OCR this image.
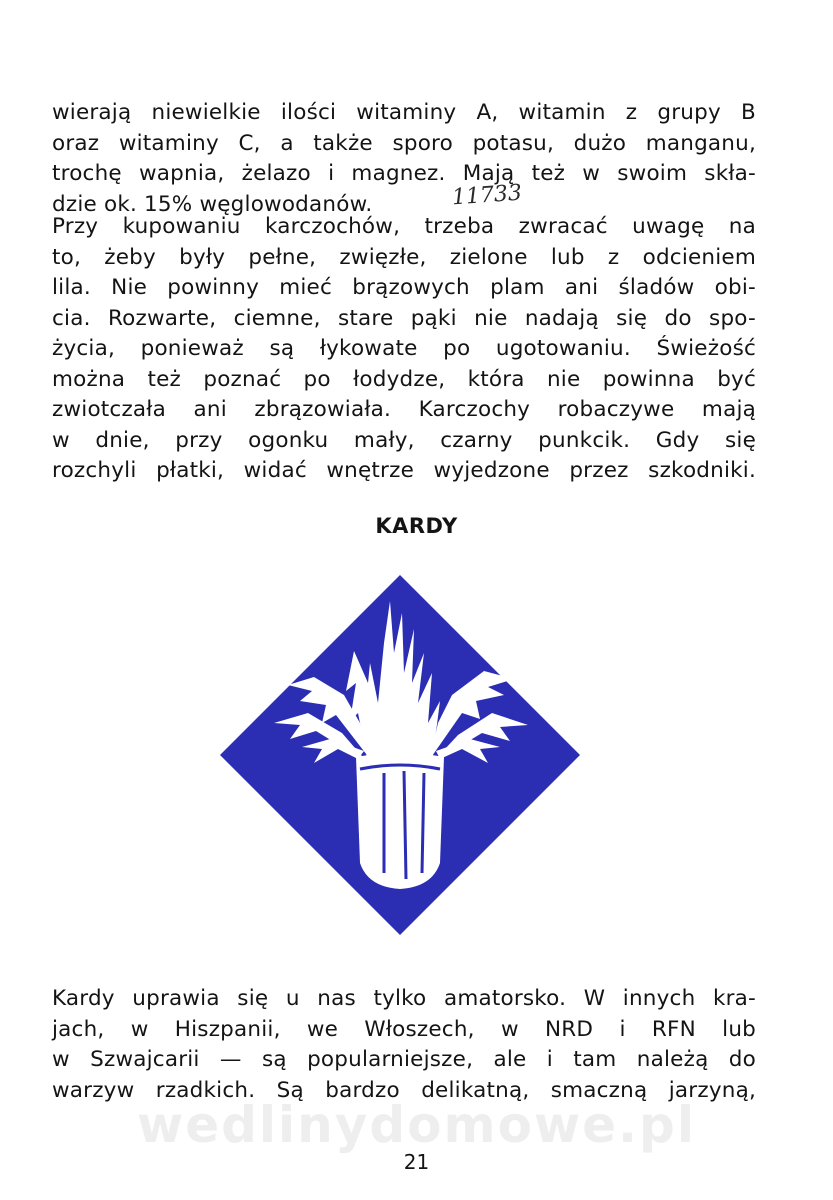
wierają niewielkie ilości witaminy A, witamin z grupy B
oraz witaminy C, a także sporo potasu, dużo manganu,
trochę wapnia, żelazo i magnez. Mają też w swoim skła-
dzie ok. 15% węglowodanów.	11733
Przy kupowaniu karczochów, trzeba zwracać uwagę na
to, żeby były pełne, zwięzłe, zielone lub z odcieniem
lila. Nie powinny mieć brązowych plam ani śladów obi-
cia. Rozwarte, ciemne, stare pąki nie nadają się do spo-
życia, ponieważ są łykowate po ugotowaniu. Świeżość
można też poznać po łodydze, która nie powinna być
zwiotczała ani zbrązowiała. Karczochy robaczywe mają
w dnie, przy ogonku mały, czarny punkcik. Gdy się
rozchyli płatki, widać wnętrze wyjedzone przez szkodniki.
KARDY
Kardy uprawia się u nas tylko amatorsko. W innych kra-
jach, w Hiszpanii, we Włoszech, w NRD i RFN lub
w Szwajcarii — są popularniejsze, ale i tam należą do
warzyw rzadkich. Są bardzo delikatną, smaczną jarzyną,
wedlinydomowe.pl
21
